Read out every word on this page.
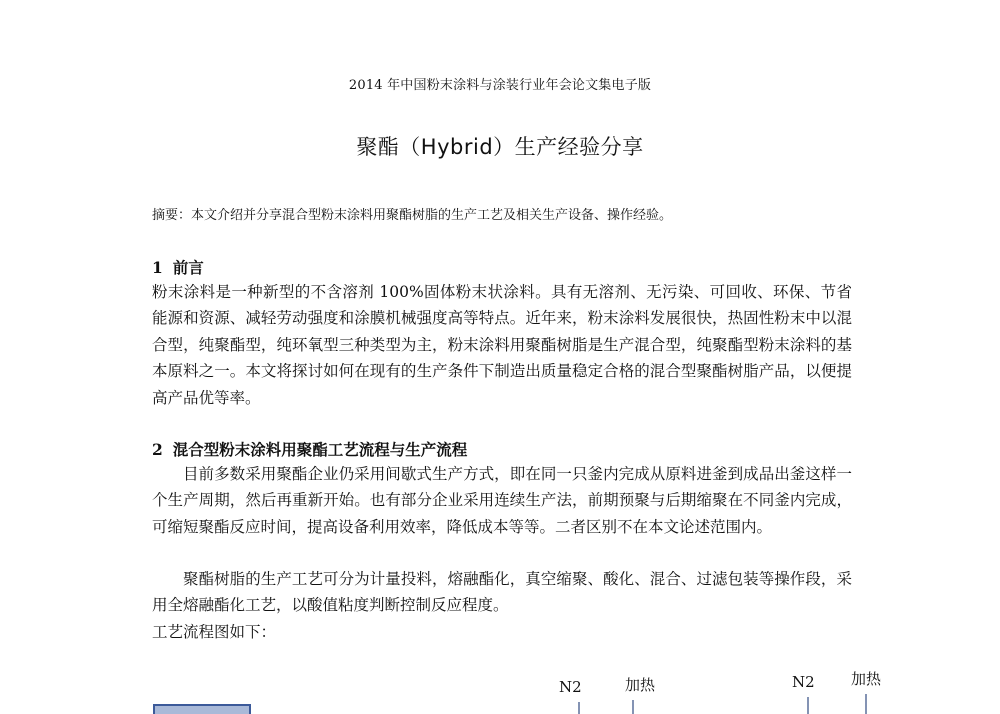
2014 年中国粉末涂料与涂装行业年会论文集电子版
聚酯（Hybrid）生产经验分享
摘要：本文介绍并分享混合型粉末涂料用聚酯树脂的生产工艺及相关生产设备、操作经验。
1 前言
粉末涂料是一种新型的不含溶剂 100%固体粉末状涂料。具有无溶剂、无污染、可回收、环保、节省能源和资源、减轻劳动强度和涂膜机械强度高等特点。近年来，粉末涂料发展很快，热固性粉末中以混合型，纯聚酯型，纯环氧型三种类型为主，粉末涂料用聚酯树脂是生产混合型，纯聚酯型粉末涂料的基本原料之一。本文将探讨如何在现有的生产条件下制造出质量稳定合格的混合型聚酯树脂产品，以便提高产品优等率。
2 混合型粉末涂料用聚酯工艺流程与生产流程
目前多数采用聚酯企业仍采用间歇式生产方式，即在同一只釜内完成从原料进釜到成品出釜这样一个生产周期，然后再重新开始。也有部分企业采用连续生产法，前期预聚与后期缩聚在不同釜内完成，可缩短聚酯反应时间，提高设备利用效率，降低成本等等。二者区别不在本文论述范围内。
聚酯树脂的生产工艺可分为计量投料，熔融酯化，真空缩聚、酸化、混合、过滤包装等操作段，采用全熔融酯化工艺，以酸值粘度判断控制反应程度。
工艺流程图如下：
N2	加热	N2 加热
